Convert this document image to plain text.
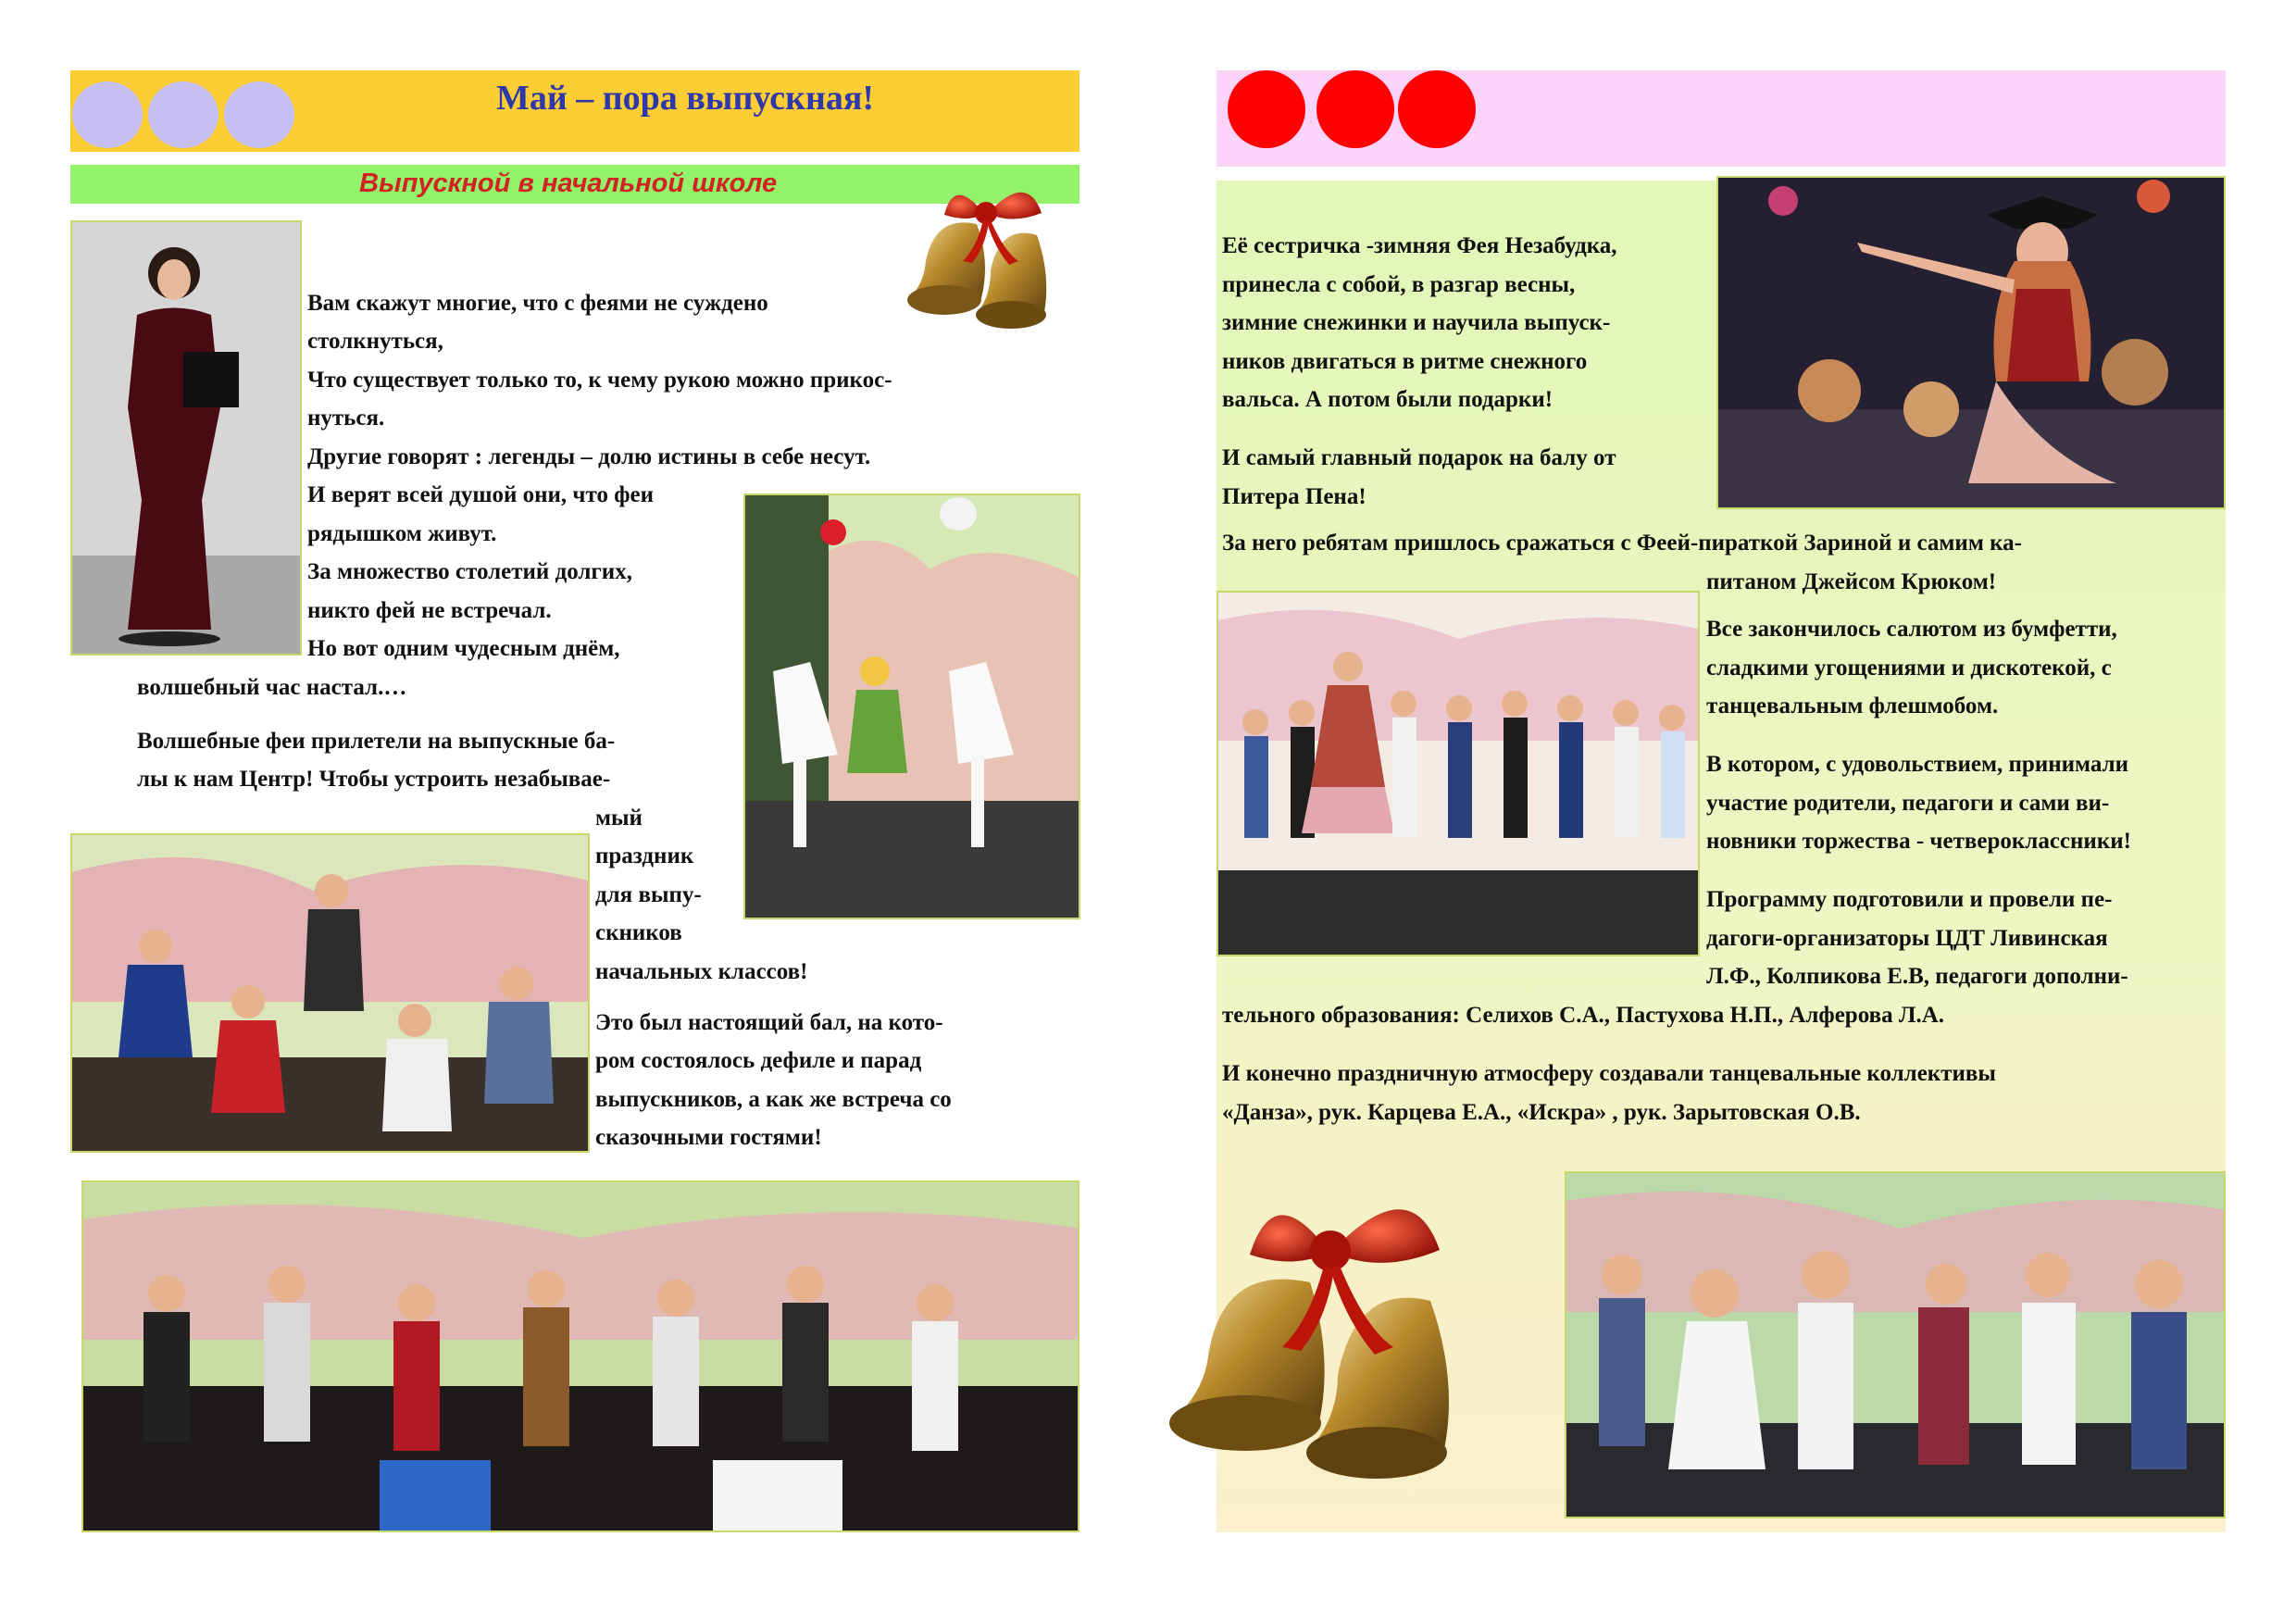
Май – пора выпускная!
Выпускной в начальной школе
Вам скажут многие, что с феями не суждено
столкнуться,
Что существует только то, к чему рукою можно прикос-
нуться.
Другие говорят : легенды – долю истины в себе несут.
И верят всей душой они, что феи
рядышком живут.
За множество столетий долгих,
никто фей не встречал.
Но вот одним чудесным днём,
волшебный час настал.…
Волшебные феи прилетели на выпускные ба-
лы к нам Центр! Чтобы устроить незабывае-
мый
праздник
для выпу-
скников
начальных классов!
Это был настоящий бал, на кото-
ром состоялось дефиле и парад
выпускников, а как же встреча со
сказочными гостями!
Её сестричка -зимняя Фея Незабудка,
принесла с собой, в разгар весны,
зимние снежинки и научила выпуск-
ников двигаться в ритме снежного
вальса. А потом были подарки!
И самый главный подарок на балу от
Питера Пена!
За него ребятам пришлось сражаться с Феей-пираткой Зариной и самим ка-
питаном Джейсом Крюком!
Все закончилось салютом из бумфетти,
сладкими угощениями и дискотекой, с
танцевальным флешмобом.
В котором, с удовольствием, принимали
участие родители, педагоги и сами ви-
новники торжества - четвероклассники!
Программу подготовили и провели пе-
дагоги-организаторы ЦДТ Ливинская
Л.Ф., Колпикова Е.В, педагоги дополни-
тельного образования: Селихов С.А., Пастухова Н.П., Алферова Л.А.
И конечно праздничную атмосферу создавали танцевальные коллективы
«Данза», рук. Карцева Е.А., «Искра» , рук. Зарытовская О.В.
